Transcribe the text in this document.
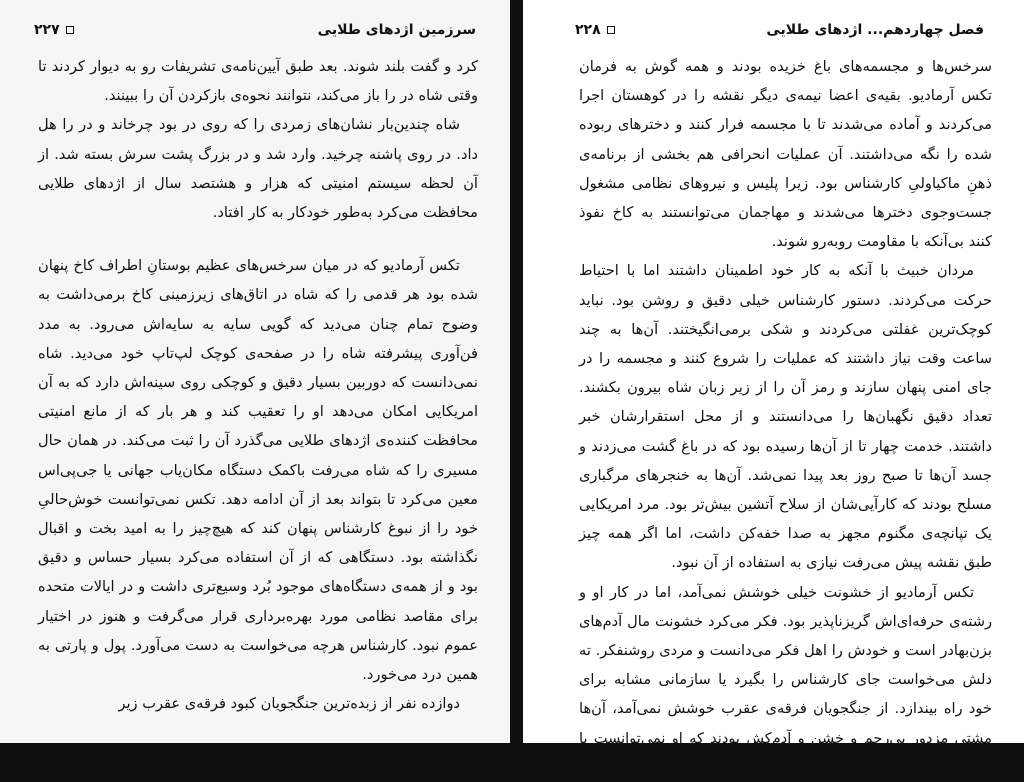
۲۲۷	سرزمین اژدهای طلایی

کرد و گفت بلند شوند. بعد طبق آیین‌نامه‌ی تشریفات رو به دیوار کردند تا وقتی شاه در را باز می‌کند، نتوانند نحوه‌ی بازکردن آن را ببینند.

شاه چندین‌بار نشان‌های زمردی را که روی در بود چرخاند و در را هل داد. در روی پاشنه چرخید. وارد شد و در بزرگ پشت سرش بسته شد. از آن لحظه سیستم امنیتی که هزار و هشتصد سال از اژدهای طلایی محافظت می‌کرد به‌طور خودکار به کار افتاد.

تکس آرمادیو که در میان سرخس‌های عظیم بوستانِ اطراف کاخ پنهان شده بود هر قدمی را که شاه در اتاق‌های زیرزمینی کاخ برمی‌داشت به وضوح تمام چنان می‌دید که گویی سایه به سایه‌اش می‌رود. به مدد فن‌آوری پیشرفته شاه را در صفحه‌ی کوچک لپ‌تاپ خود می‌دید. شاه نمی‌دانست که دوربین بسیار دقیق و کوچکی روی سینه‌اش دارد که به آن امریکایی امکان می‌دهد او را تعقیب کند و هر بار که از مانع امنیتی محافظت کننده‌ی اژدهای طلایی می‌گذرد آن را ثبت می‌کند. در همان حال مسیری را که شاه می‌رفت باکمک دستگاه مکان‌یاب جهانی یا جی‌پی‌اس معین می‌کرد تا بتواند بعد از آن ادامه دهد. تکس نمی‌توانست خوش‌حالیِ خود را از نبوغ کارشناس پنهان کند که هیچ‌چیز را به امید بخت و اقبال نگذاشته بود. دستگاهی که از آن استفاده می‌کرد بسیار حساس و دقیق بود و از همه‌ی دستگاه‌های موجود بُرد وسیع‌تری داشت و در ایالات متحده برای مقاصد نظامی مورد بهره‌برداری قرار می‌گرفت و هنوز در اختیار عموم نبود. کارشناس هرچه می‌خواست به دست می‌آورد. پول و پارتی به همین درد می‌خورد.

دوازده نفر از زبده‌ترین جنگجویان کبود فرقه‌ی عقرب زیر

۲۲۸	فصل چهاردهم... اژدهای طلایی

سرخس‌ها و مجسمه‌های باغ خزیده بودند و همه گوش به فرمان تکس آرمادیو. بقیه‌ی اعضا نیمه‌ی دیگر نقشه را در کوهستان اجرا می‌کردند و آماده می‌شدند تا با مجسمه فرار کنند و دخترهای ربوده شده را نگه می‌داشتند. آن عملیات انحرافی هم بخشی از برنامه‌ی ذهنِ ماکیاولیِ کارشناس بود. زیرا پلیس و نیروهای نظامی مشغول جست‌وجوی دخترها می‌شدند و مهاجمان می‌توانستند به کاخ نفوذ کنند بی‌آنکه با مقاومت روبه‌رو شوند.

مردان خبیث با آنکه به کار خود اطمینان داشتند اما با احتیاط حرکت می‌کردند. دستور کارشناس خیلی دقیق و روشن بود. نباید کوچک‌ترین غفلتی می‌کردند و شکی برمی‌انگیختند. آن‌ها به چند ساعت وقت نیاز داشتند که عملیات را شروع کنند و مجسمه را در جای امنی پنهان سازند و رمز آن را از زیر زبان شاه بیرون بکشند. تعداد دقیق نگهبان‌ها را می‌دانستند و از محل استقرارشان خبر داشتند. خدمت چهار تا از آن‌ها رسیده بود که در باغ گشت می‌زدند و جسد آن‌ها تا صبح روز بعد پیدا نمی‌شد. آن‌ها به خنجرهای مرگباری مسلح بودند که کارآیی‌شان از سلاح آتشین بیش‌تر بود. مرد امریکایی یک تپانچه‌ی مگنوم مجهز به صدا خفه‌کن داشت، اما اگر همه چیز طبق نقشه پیش می‌رفت نیازی به استفاده از آن نبود.

تکس آرمادیو از خشونت خیلی خوشش نمی‌آمد، اما در کار او و رشته‌ی حرفه‌ای‌اش گریزناپذیر بود. فکر می‌کرد خشونت مال آدم‌های بزن‌بهادر است و خودش را اهل فکر می‌دانست و مردی روشنفکر. ته دلش می‌خواست جای کارشناس را بگیرد یا سازمانی مشابه برای خود راه بیندازد. از جنگجویان فرقه‌ی عقرب خوشش نمی‌آمد، آن‌ها مشتی مزدور بی‌رحم و خشن و آدم‌کش بودند که او نمی‌توانست با آن‌ها ارتباط برقرار کند. اطمینان نداشت درصورتی‌که
